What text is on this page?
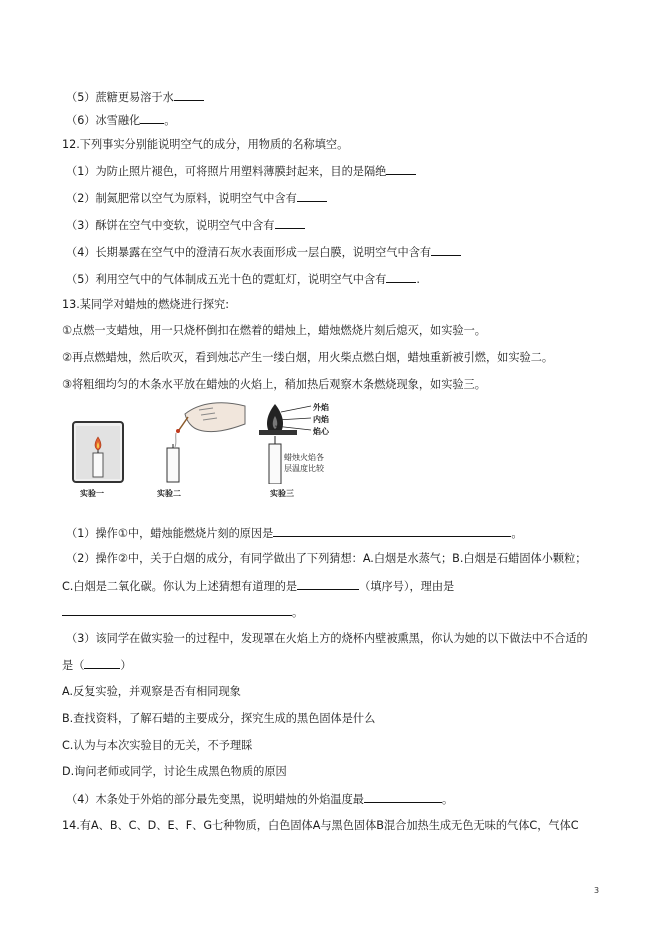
（5）蔗糖更易溶于水
（6）冰雪融化 。
12.下列事实分别能说明空气的成分，用物质的名称填空。
（1）为防止照片褪色，可将照片用塑料薄膜封起来，目的是隔绝
（2）制氮肥常以空气为原料，说明空气中含有
（3）酥饼在空气中变软，说明空气中含有
（4）长期暴露在空气中的澄清石灰水表面形成一层白膜，说明空气中含有
（5）利用空气中的气体制成五光十色的霓虹灯，说明空气中含有	.
13.某同学对蜡烛的燃烧进行探究:
①点燃一支蜡烛，用一只烧杯倒扣在燃着的蜡烛上，蜡烛燃烧片刻后熄灭，如实验一。
②再点燃蜡烛，然后吹灭，看到烛芯产生一缕白烟，用火柴点燃白烟，蜡烛重新被引燃，如实验二。
③将粗细均匀的木条水平放在蜡烛的火焰上，稍加热后观察木条燃烧现象，如实验三。
实验一	实验二
外焰
内焰
焰心
蜡烛火焰各
层温度比较
实验三
（1）操作①中，蜡烛能燃烧片刻的原因是	。
（2）操作②中，关于白烟的成分，有同学做出了下列猜想：A.白烟是水蒸气；B.白烟是石蜡固体小颗粒；
C.白烟是二氧化碳。你认为上述猜想有道理的是	（填序号），理由是
。
（3）该同学在做实验一的过程中，发现罩在火焰上方的烧杯内壁被熏黑，你认为她的以下做法中不合适的
是（	）
A.反复实验，并观察是否有相同现象
B.查找资料，了解石蜡的主要成分，探究生成的黑色固体是什么
C.认为与本次实验目的无关，不予理睬
D.询问老师或同学，讨论生成黑色物质的原因
（4）木条处于外焰的部分最先变黑，说明蜡烛的外焰温度最	。
14.有A、B、C、D、E、F、G七种物质，白色固体A与黑色固体B混合加热生成无色无味的气体C，气体C
3
